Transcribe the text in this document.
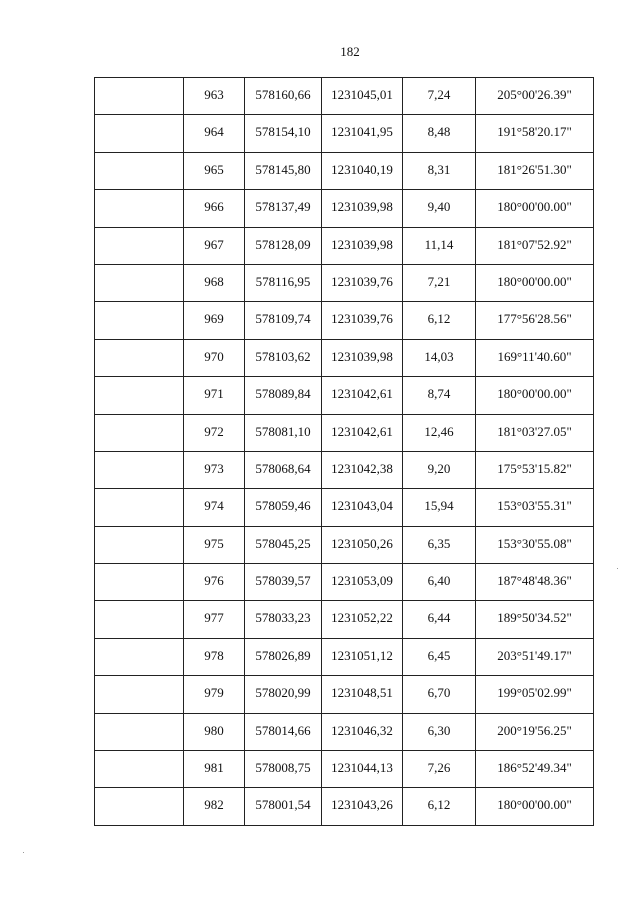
182

	963	578160,66	1231045,01	7,24	205°00'26.39"

	964	578154,10	1231041,95	8,48	191°58'20.17"

	965	578145,80	1231040,19	8,31	181°26'51.30"

	966	578137,49	1231039,98	9,40	180°00'00.00"

	967	578128,09	1231039,98	11,14	181°07'52.92"

	968	578116,95	1231039,76	7,21	180°00'00.00"

	969	578109,74	1231039,76	6,12	177°56'28.56"

	970	578103,62	1231039,98	14,03	169°11'40.60"

	971	578089,84	1231042,61	8,74	180°00'00.00"

	972	578081,10	1231042,61	12,46	181°03'27.05"

	973	578068,64	1231042,38	9,20	175°53'15.82"

	974	578059,46	1231043,04	15,94	153°03'55.31"

	975	578045,25	1231050,26	6,35	153°30'55.08"

	976	578039,57	1231053,09	6,40	187°48'48.36"

	977	578033,23	1231052,22	6,44	189°50'34.52"

	978	578026,89	1231051,12	6,45	203°51'49.17"

	979	578020,99	1231048,51	6,70	199°05'02.99"

	980	578014,66	1231046,32	6,30	200°19'56.25"

	981	578008,75	1231044,13	7,26	186°52'49.34"

	982	578001,54	1231043,26	6,12	180°00'00.00"
